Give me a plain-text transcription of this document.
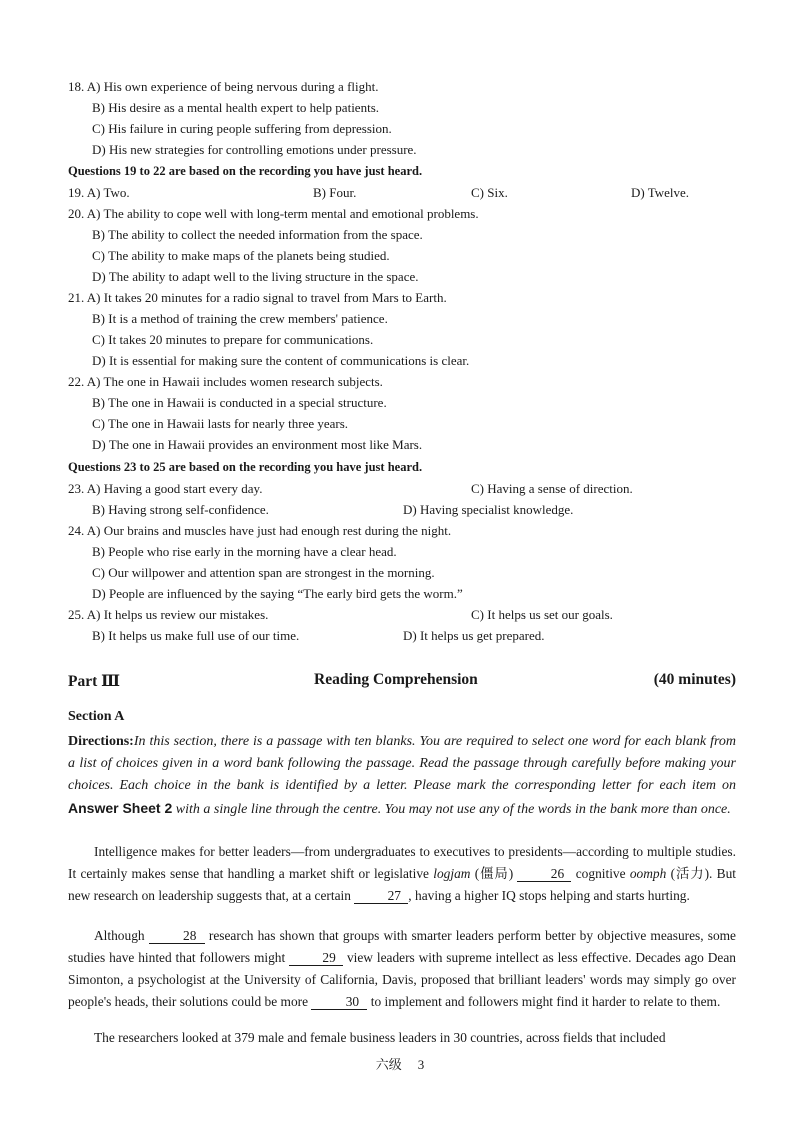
18. A) His own experience of being nervous during a flight.
B) His desire as a mental health expert to help patients.
C) His failure in curing people suffering from depression.
D) His new strategies for controlling emotions under pressure.
Questions 19 to 22 are based on the recording you have just heard.
19. A) Two.	B) Four.	C) Six.	D) Twelve.
20. A) The ability to cope well with long-term mental and emotional problems.
B) The ability to collect the needed information from the space.
C) The ability to make maps of the planets being studied.
D) The ability to adapt well to the living structure in the space.
21. A) It takes 20 minutes for a radio signal to travel from Mars to Earth.
B) It is a method of training the crew members' patience.
C) It takes 20 minutes to prepare for communications.
D) It is essential for making sure the content of communications is clear.
22. A) The one in Hawaii includes women research subjects.
B) The one in Hawaii is conducted in a special structure.
C) The one in Hawaii lasts for nearly three years.
D) The one in Hawaii provides an environment most like Mars.
Questions 23 to 25 are based on the recording you have just heard.
23. A) Having a good start every day.	C) Having a sense of direction.
B) Having strong self-confidence.	D) Having specialist knowledge.
24. A) Our brains and muscles have just had enough rest during the night.
B) People who rise early in the morning have a clear head.
C) Our willpower and attention span are strongest in the morning.
D) People are influenced by the saying “The early bird gets the worm.”
25. A) It helps us review our mistakes.	C) It helps us set our goals.
B) It helps us make full use of our time.	D) It helps us get prepared.
Part Ⅲ	Reading Comprehension	(40 minutes)
Section A
Directions:In this section, there is a passage with ten blanks. You are required to select one word for each blank from a list of choices given in a word bank following the passage. Read the passage through carefully before making your choices. Each choice in the bank is identified by a letter. Please mark the corresponding letter for each item on Answer Sheet 2 with a single line through the centre. You may not use any of the words in the bank more than once.
Intelligence makes for better leaders—from undergraduates to executives to presidents—according to multiple studies. It certainly makes sense that handling a market shift or legislative logjam (僵局) 26 cognitive oomph (活力). But new research on leadership suggests that, at a certain 27 , having a higher IQ stops helping and starts hurting.
Although	28 research has shown that groups with smarter leaders perform better by objective measures, some studies have hinted that followers might 29 view leaders with supreme intellect as less effective. Decades ago Dean Simonton, a psychologist at the University of California, Davis, proposed that brilliant leaders' words may simply go over people's heads, their solutions could be more	30 to implement and followers might find it harder to relate to them.
The researchers looked at 379 male and female business leaders in 30 countries, across fields that included
六级 3
